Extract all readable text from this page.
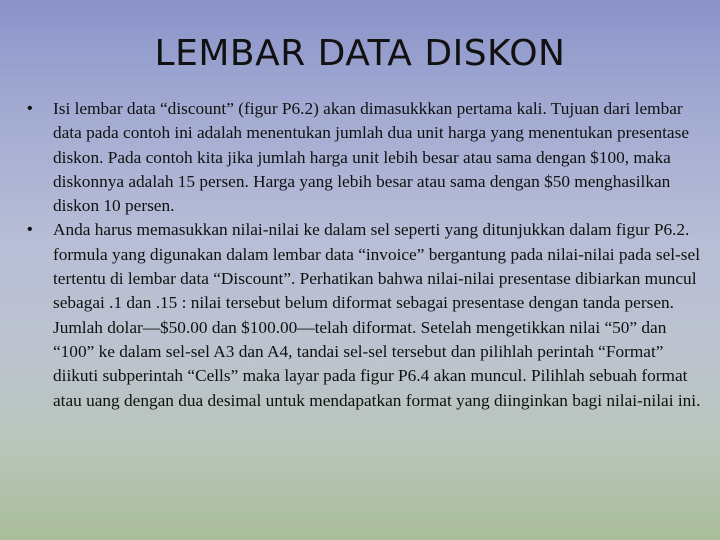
LEMBAR DATA DISKON
• Isi lembar data “discount” (figur P6.2) akan dimasukkkan pertama kali. Tujuan dari lembar data pada contoh ini adalah menentukan jumlah dua unit harga yang menentukan presentase diskon. Pada contoh kita jika jumlah harga unit lebih besar atau sama dengan $100, maka diskonnya adalah 15 persen. Harga yang lebih besar atau sama dengan $50 menghasilkan diskon 10 persen.
• Anda harus memasukkan nilai-nilai ke dalam sel seperti yang ditunjukkan dalam figur P6.2. formula yang digunakan dalam lembar data “invoice” bergantung pada nilai-nilai pada sel-sel tertentu di lembar data “Discount”. Perhatikan bahwa nilai-nilai presentase dibiarkan muncul sebagai .1 dan .15 : nilai tersebut belum diformat sebagai presentase dengan tanda persen. Jumlah dolar—$50.00 dan $100.00—telah diformat. Setelah mengetikkan nilai “50” dan “100” ke dalam sel-sel A3 dan A4, tandai sel-sel tersebut dan pilihlah perintah “Format” diikuti subperintah “Cells” maka layar pada figur P6.4 akan muncul. Pilihlah sebuah format atau uang dengan dua desimal untuk mendapatkan format yang diinginkan bagi nilai-nilai ini.
